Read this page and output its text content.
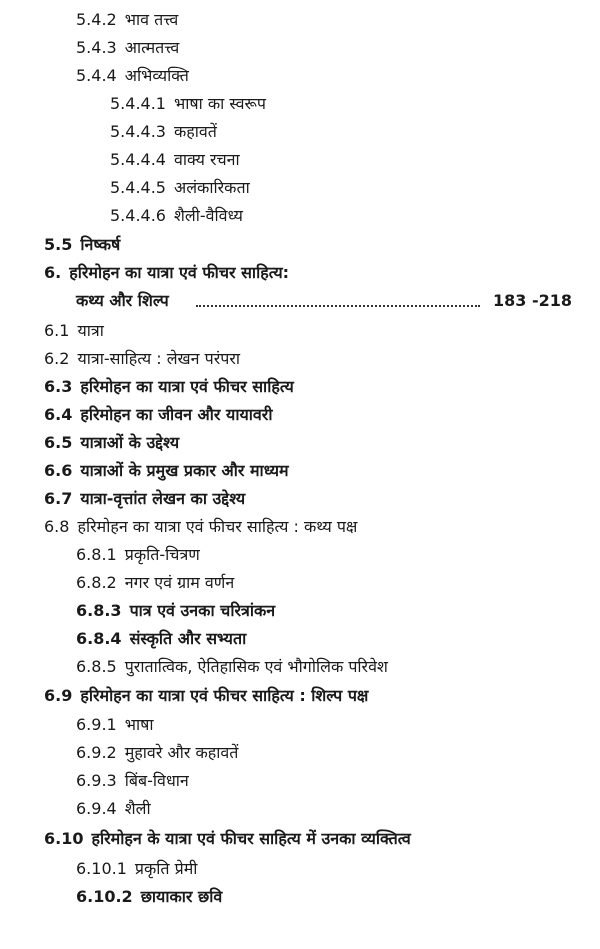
5.4.2 भाव तत्त्व
5.4.3 आत्मतत्त्व
5.4.4 अभिव्यक्ति
5.4.4.1 भाषा का स्वरूप
5.4.4.3 कहावतें
5.4.4.4 वाक्य रचना
5.4.4.5 अलंकारिकता
5.4.4.6 शैली-वैविध्य
5.5 निष्कर्ष
6. हरिमोहन का यात्रा एवं फीचर साहित्य:
कथ्य और शिल्प	183 -218
6.1 यात्रा
6.2 यात्रा-साहित्य : लेखन परंपरा
6.3 हरिमोहन का यात्रा एवं फीचर साहित्य
6.4 हरिमोहन का जीवन और यायावरी
6.5 यात्राओं के उद्देश्य
6.6 यात्राओं के प्रमुख प्रकार और माध्यम
6.7 यात्रा-वृत्तांत लेखन का उद्देश्य
6.8 हरिमोहन का यात्रा एवं फीचर साहित्य : कथ्य पक्ष
6.8.1 प्रकृति-चित्रण
6.8.2 नगर एवं ग्राम वर्णन
6.8.3 पात्र एवं उनका चरित्रांकन
6.8.4 संस्कृति और सभ्यता
6.8.5 पुरातात्विक, ऐतिहासिक एवं भौगोलिक परिवेश
6.9 हरिमोहन का यात्रा एवं फीचर साहित्य : शिल्प पक्ष
6.9.1 भाषा
6.9.2 मुहावरे और कहावतें
6.9.3 बिंब-विधान
6.9.4 शैली
6.10 हरिमोहन के यात्रा एवं फीचर साहित्य में उनका व्यक्तित्व
6.10.1 प्रकृति प्रेमी
6.10.2 छायाकार छवि
